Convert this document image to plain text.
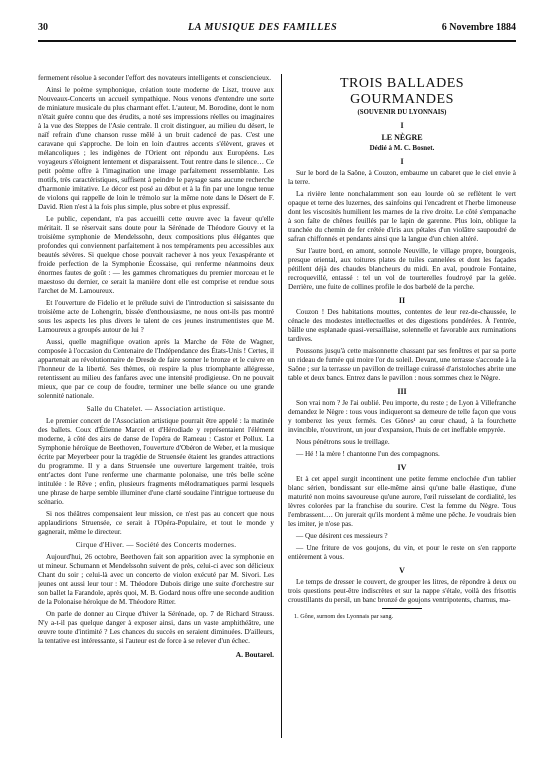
30	LA MUSIQUE DES FAMILLES	6 Novembre 1884

fermement résolue à seconder l'effort des novateurs intelligents et consciencieux.

Ainsi le poème symphonique, création toute moderne de Liszt, trouve aux Nouveaux-Concerts un accueil sympathique. Nous venons d'entendre une sorte de miniature musicale du plus charmant effet. L'auteur, M. Borodine, dont le nom n'était guère connu que des érudits, a noté ses impressions réelles ou imaginaires à la vue des Steppes de l'Asie centrale. Il croit distinguer, au milieu du désert, le naïf refrain d'une chanson russe mêlé à un bruit cadencé de pas. C'est une caravane qui s'approche. De loin en loin d'autres accents s'élèvent, graves et mélancoliques ; les indigènes de l'Orient ont répondu aux Européens. Les voyageurs s'éloignent lentement et disparaissent. Tout rentre dans le silence… Ce petit poème offre à l'imagination une image parfaitement ressemblante. Les motifs, très caractéristiques, suffisent à peindre le paysage sans aucune recherche d'harmonie imitative. Le décor est posé au début et à la fin par une longue tenue de violons qui rappelle de loin le trémolo sur la même note dans le Désert de F. David. Rien n'est à la fois plus simple, plus sobre et plus expressif.

Le public, cependant, n'a pas accueilli cette œuvre avec la faveur qu'elle méritait. Il se réservait sans doute pour la Sérénade de Théodore Gouvy et la troisième symphonie de Mendelssohn, deux compositions plus élégantes que profondes qui conviennent parfaitement à nos tempéraments peu accessibles aux beautés sévères. Si quelque chose pouvait rachever à nos yeux l'exaspérante et froide perfection de la Symphonie Écossaise, qui renferme néanmoins deux énormes fautes de goût : — les gammes chromatiques du premier morceau et le maestoso du dernier, ce serait la manière dont elle est comprise et rendue sous l'archet de M. Lamoureux.

Et l'ouverture de Fidelio et le prélude suivi de l'introduction si saisissante du troisième acte de Lohengrin, bissée d'enthousiasme, ne nous ont-ils pas montré sous les aspects les plus divers le talent de ces jeunes instrumentistes que M. Lamoureux a groupés autour de lui ?

Aussi, quelle magnifique ovation après la Marche de Fête de Wagner, composée à l'occasion du Centenaire de l'Indépendance des États-Unis ! Certes, il appartenait au révolutionnaire de Dresde de faire sonner le bronze et le cuivre en l'honneur de la liberté. Ses thèmes, où respire la plus triomphante allégresse, retentissent au milieu des fanfares avec une intensité prodigieuse. On ne pouvait mieux, que par ce coup de foudre, terminer une belle séance ou une grande solennité nationale.

Salle du Chatelet. — Association artistique.

Le premier concert de l'Association artistique pourrait être appelé : la matinée des ballets. Coux d'Étienne Marcel et d'Hérodiade y représentaient l'élément moderne, à côté des airs de danse de l'opéra de Rameau : Castor et Pollux. La Symphonie héroïque de Beethoven, l'ouverture d'Obéron de Weber, et la musique écrite par Meyerbeer pour la tragédie de Struensée étaient les grandes attractions du programme. Il y a dans Struensée une ouverture largement traitée, trois entr'actes dont l'une renferme une charmante polonaise, une très belle scène intitulée : le Rêve ; enfin, plusieurs fragments mélodramatiques parmi lesquels une phrase de harpe semble illuminer d'une clarté soudaine l'intrigue tortueuse du scénario.

Si nos théâtres compensaient leur mission, ce n'est pas au concert que nous applaudirions Struensée, ce serait à l'Opéra-Populaire, et tout le monde y gagnerait, même le directeur.

Cirque d'Hiver. — Société des Concerts modernes.

Aujourd'hui, 26 octobre, Beethoven fait son apparition avec la symphonie en ut mineur. Schumann et Mendelssohn suivent de près, celui-ci avec son délicieux Chant du soir ; celui-là avec un concerto de violon exécuté par M. Sivori. Les jeunes ont aussi leur tour : M. Théodore Dubois dirige une suite d'orchestre sur son ballet la Farandole, après quoi, M. B. Godard nous offre une seconde audition de la Polonaise héroïque de M. Théodore Ritter.

On parle de donner au Cirque d'hiver la Sérénade, op. 7 de Richard Strauss. N'y a-t-il pas quelque danger à exposer ainsi, dans un vaste amphithéâtre, une œuvre toute d'intimité ? Les chances du succès en seraient diminuées. D'ailleurs, la tentative est intéressante, si l'auteur est de force à se relever d'un échec.

A. Boutarel.
TROIS BALLADES GOURMANDES
(SOUVENIR DU LYONNAIS)
I
LE NÈGRE
Dédié à M. C. Bosnet.
I

Sur le bord de la Saône, à Couzon, embaume un cabaret que le ciel envie à la terre.

La rivière lente nonchalamment son eau lourde où se reflètent le vert opaque et terne des luzernes, des sainfoins qui l'encadrent et l'herbe limoneuse dont les viscosités humilient les marnes de la rive droite. Le côté s'empanache à son faîte de chênes feuillés par le lapin de garenne. Plus loin, oblique la tranchée du chemin de fer crétée d'iris aux pétales d'un violâtre saupoudré de safran chiffonnés et pendants ainsi que la langue d'un chien altéré.

Sur l'autre bord, en amont, sonnole Neuville, le village propre, bourgeois, presque oriental, aux toitures plates de tuiles cannelées et dont les façades pétillent déjà des chaudes blancheurs du midi. En aval, poudroie Fontaine, recroquevillé, entassé : tel un vol de tourterelles foudroyé par la gelée. Derrière, une fuite de collines profile le dos barbelé de la perche.

II

Couzon ! Des habitations mouttes, contentes de leur rez-de-chaussée, le cénacle des modestes intellectuelles et des digestions pondérées. À l'entrée, bâille une esplanade quasi-versaillaise, solennelle et favorable aux ruminations tardives.

Poussons jusqu'à cette maisonnette chassant par ses fenêtres et par sa porte un rideau de fumée qui moire l'or du soleil. Devant, une terrasse s'accoude à la Saône ; sur la terrasse un pavillon de treillage cuirassé d'aristoloches abrite une table et deux bancs. Entrez dans le pavillon : nous sommes chez le Nègre.

III

Son vrai nom ? Je l'ai oublié. Peu importe, du reste ; de Lyon à Villefranche demandez le Nègre : tous vous indiqueront sa demeure de telle façon que vous y tomberez les yeux fermés. Ces Gônes¹ au cœur chaud, à la fourchette invincible, n'ouvriront, un jour d'expansion, l'huis de cet ineffable empyrée.

Nous pénétrons sous le treillage.

— Hé ! la mère ! chantonne l'un des compagnons.

IV

Et à cet appel surgit incontinent une petite femme enclochée d'un tablier blanc sérien, bondissant sur elle-même ainsi qu'une balle élastique, d'une maturité non moins savoureuse qu'une aurore, l'œil ruisselant de cordialité, les lèvres colorées par la franchise du sourire. C'est la femme du Nègre. Tous l'embrassent…. On jurerait qu'ils mordent à même une pêche. Je voudrais bien les imiter, je n'ose pas.

— Que désirent ces messieurs ?

— Une friture de vos goujons, du vin, et pour le reste on s'en rapporte entièrement à vous.

V

Le temps de dresser le couvert, de grouper les litres, de répondre à deux ou trois questions peut-être indiscrètes et sur la nappe s'étale, voilà des frisottis croustillants du persil, un banc bronzé de goujons ventripotents, charnus, ma-

1. Gône, surnom des Lyonnais par sang.
